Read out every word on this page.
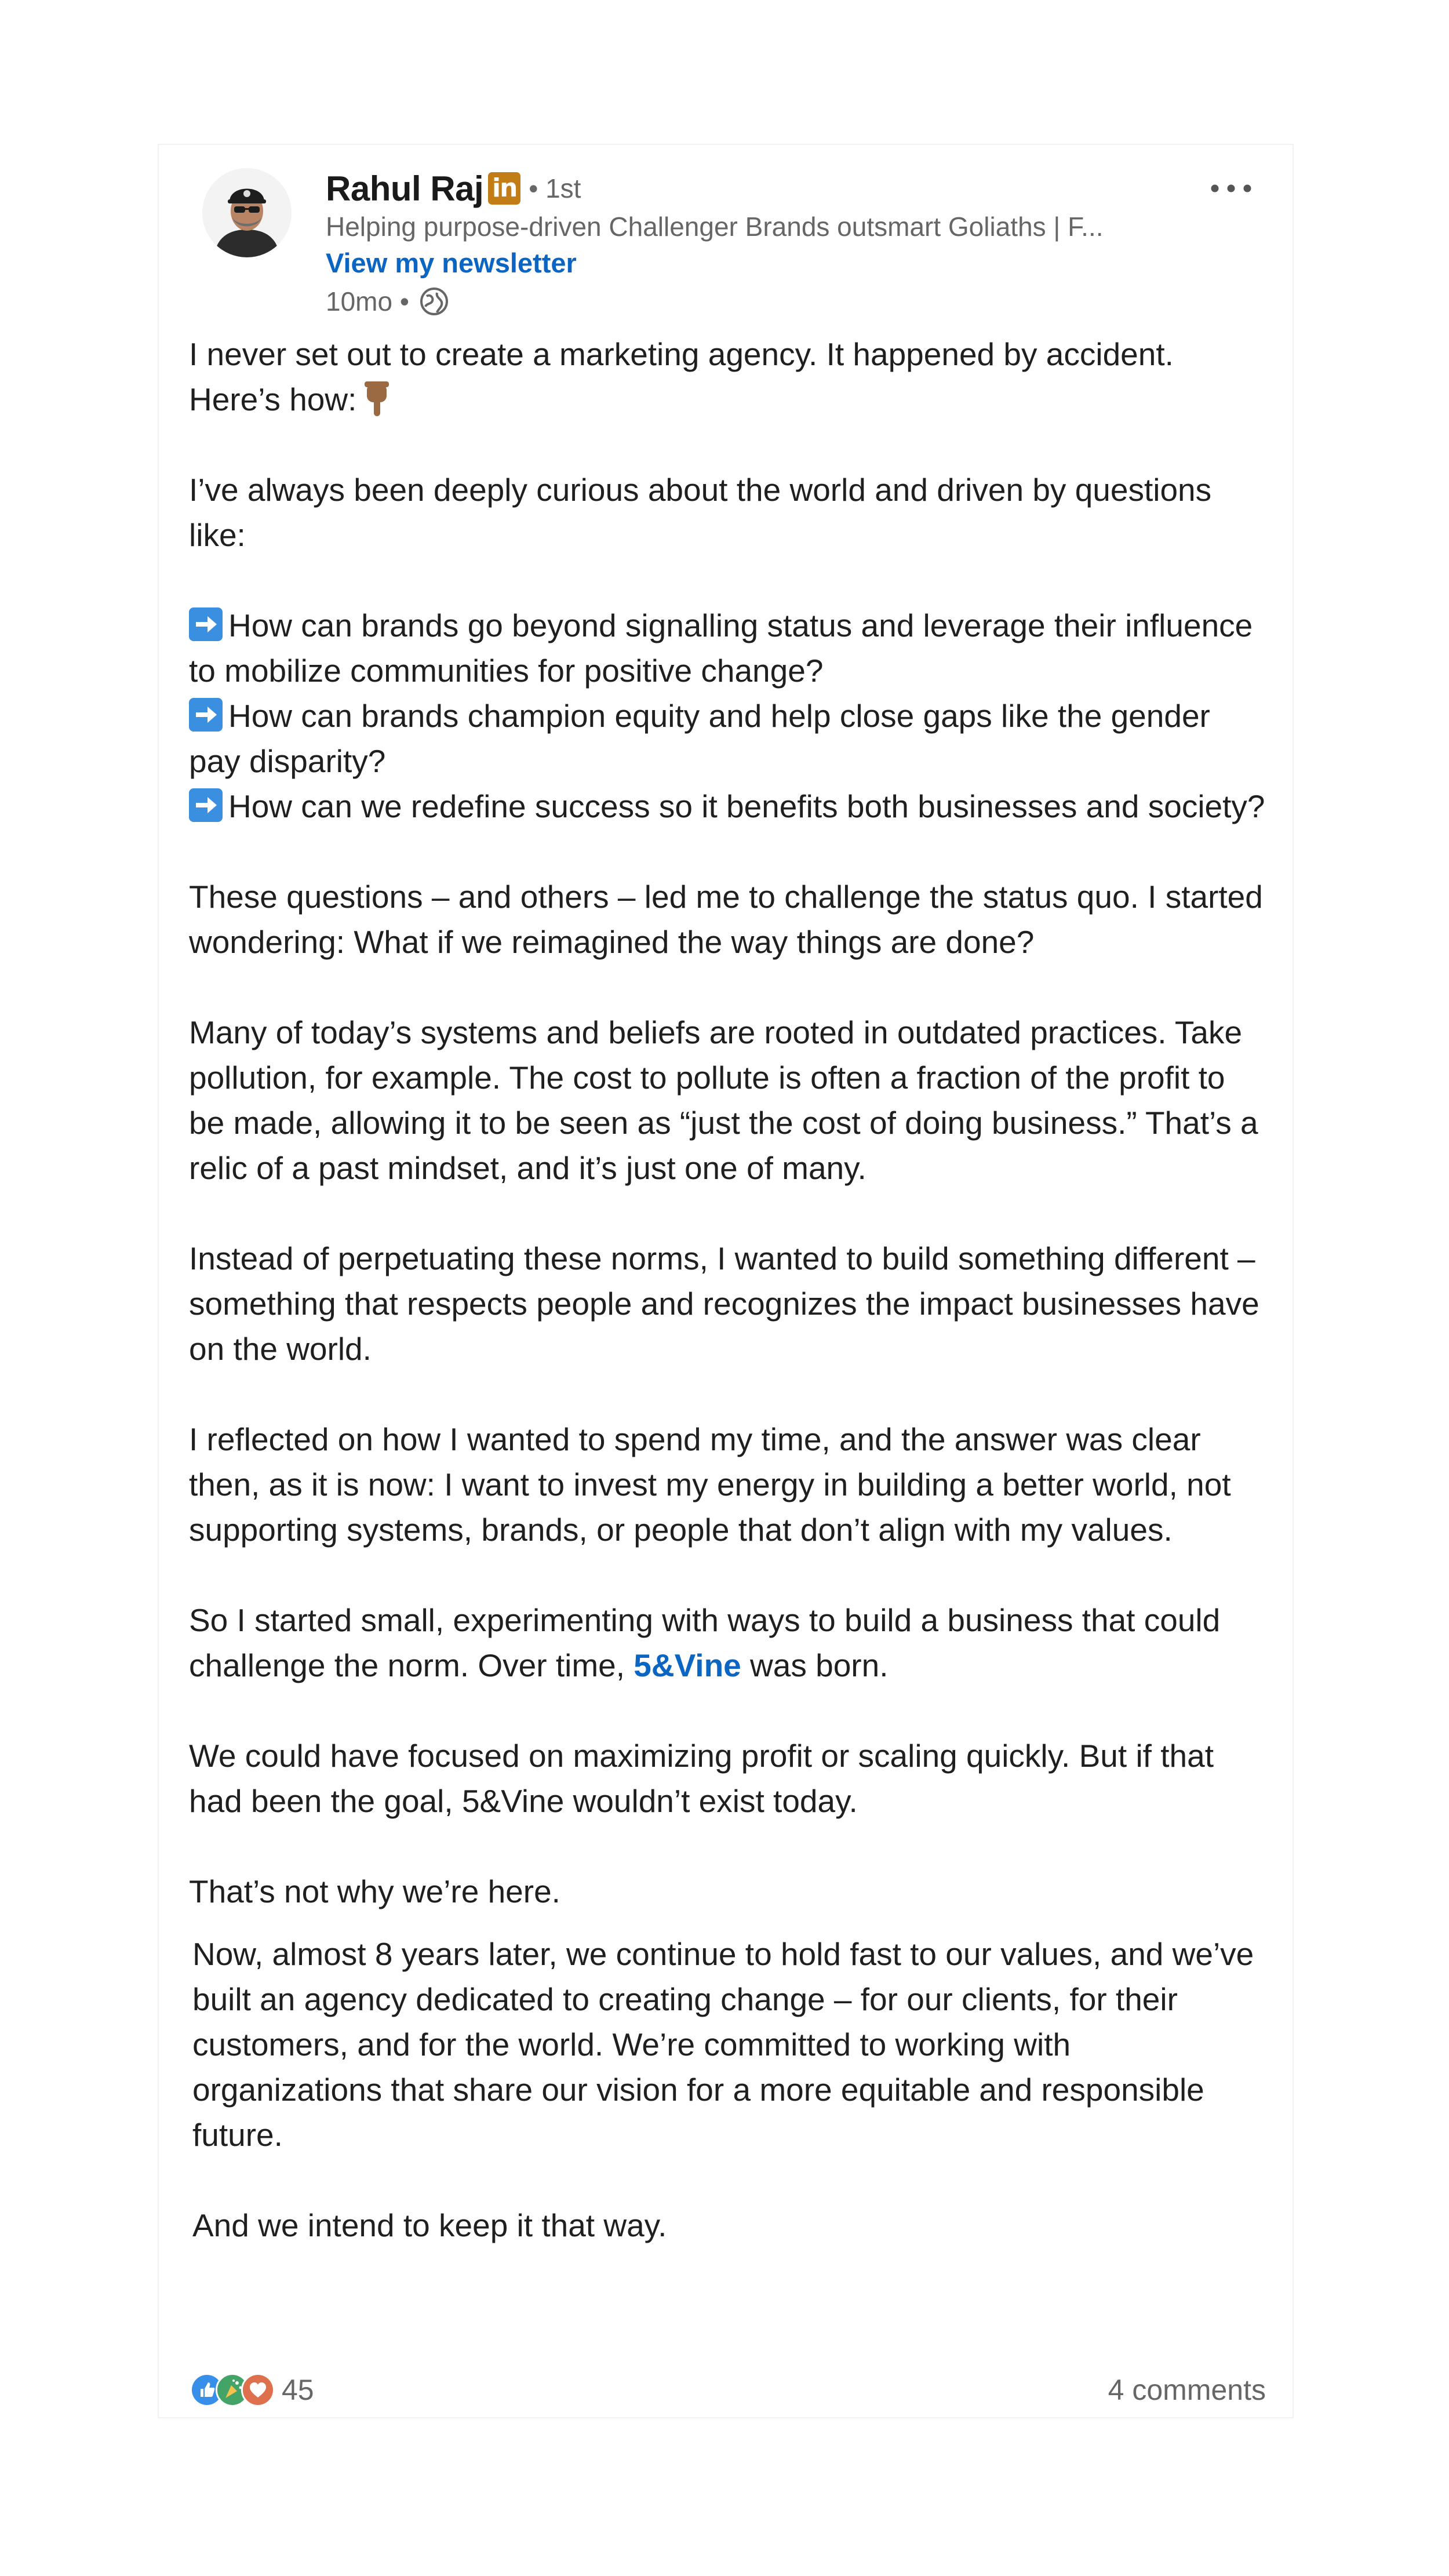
Rahul Raj in • 1st
Helping purpose-driven Challenger Brands outsmart Goliaths | F...
View my newsletter
10mo •

I never set out to create a marketing agency. It happened by accident.
Here’s how:

I’ve always been deeply curious about the world and driven by questions like:

How can brands go beyond signalling status and leverage their influence to mobilize communities for positive change?
How can brands champion equity and help close gaps like the gender pay disparity?
How can we redefine success so it benefits both businesses and society?

These questions – and others – led me to challenge the status quo. I started wondering: What if we reimagined the way things are done?

Many of today’s systems and beliefs are rooted in outdated practices. Take pollution, for example. The cost to pollute is often a fraction of the profit to be made, allowing it to be seen as “just the cost of doing business.” That’s a relic of a past mindset, and it’s just one of many.

Instead of perpetuating these norms, I wanted to build something different – something that respects people and recognizes the impact businesses have on the world.

I reflected on how I wanted to spend my time, and the answer was clear then, as it is now: I want to invest my energy in building a better world, not supporting systems, brands, or people that don’t align with my values.

So I started small, experimenting with ways to build a business that could challenge the norm. Over time, 5&Vine was born.

We could have focused on maximizing profit or scaling quickly. But if that had been the goal, 5&Vine wouldn’t exist today.

That’s not why we’re here.

Now, almost 8 years later, we continue to hold fast to our values, and we’ve built an agency dedicated to creating change – for our clients, for their customers, and for the world. We’re committed to working with organizations that share our vision for a more equitable and responsible future.

And we intend to keep it that way.

45	4 comments
